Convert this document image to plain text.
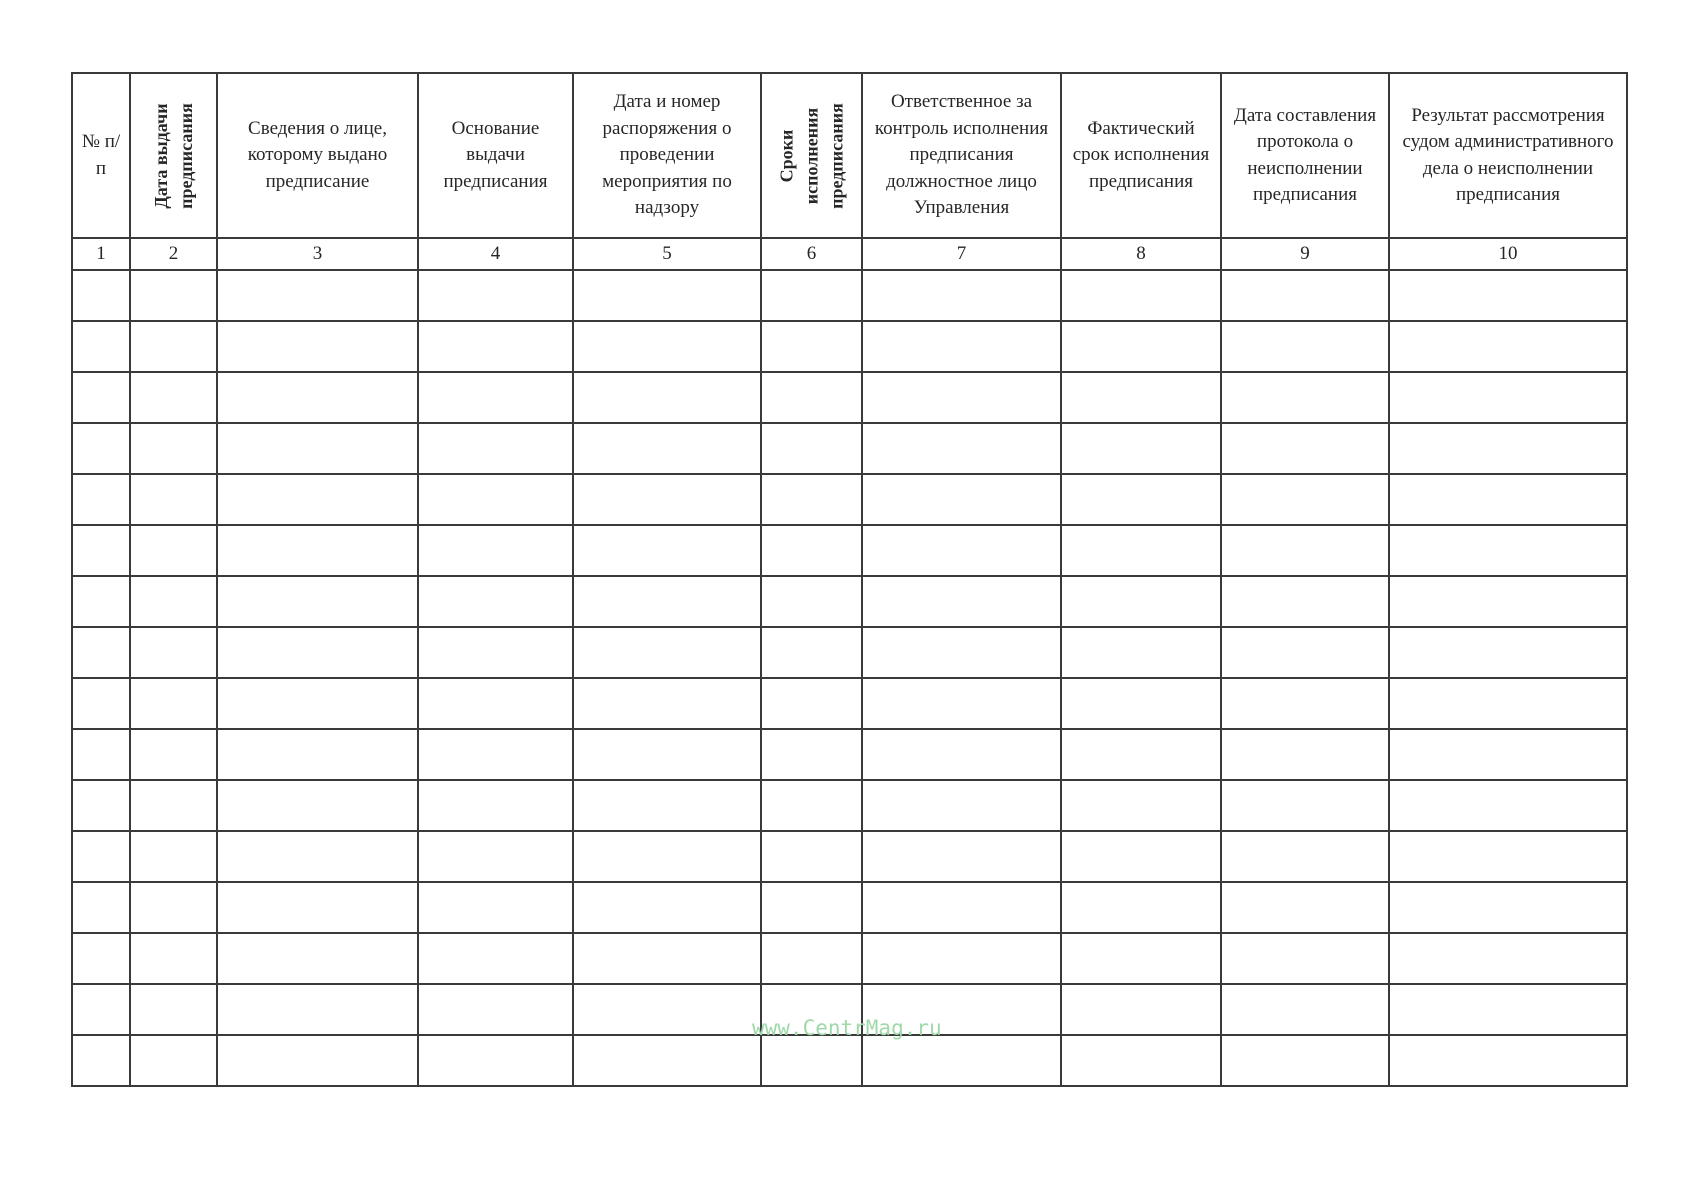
№ п/п	Дата выдачи предписания	Сведения о лице, которому выдано предписание	Основание выдачи предписания	Дата и номер распоряжения о проведении мероприятия по надзору	Сроки исполнения предписания	Ответственное за контроль исполнения предписания должностное лицо Управления	Фактический срок исполнения предписания	Дата составления протокола о неисполнении предписания	Результат рассмотрения судом административного дела о неисполнении предписания

1	2	3	4	5	6	7	8	9	10

www.CentrMag.ru
